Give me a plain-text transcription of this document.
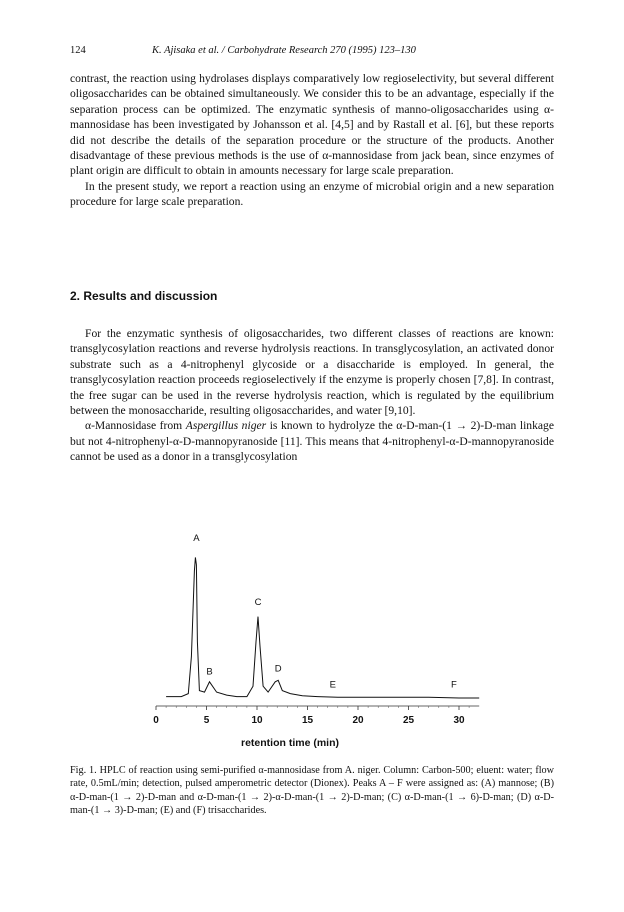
124	K. Ajisaka et al. / Carbohydrate Research 270 (1995) 123–130

contrast, the reaction using hydrolases displays comparatively low regioselectivity, but several different oligosaccharides can be obtained simultaneously. We consider this to be an advantage, especially if the separation process can be optimized. The enzymatic synthesis of manno-oligosaccharides using α-mannosidase has been investigated by Johansson et al. [4,5] and by Rastall et al. [6], but these reports did not describe the details of the separation procedure or the structure of the products. Another disadvantage of these previous methods is the use of α-mannosidase from jack bean, since enzymes of plant origin are difficult to obtain in amounts necessary for large scale preparation.

In the present study, we report a reaction using an enzyme of microbial origin and a new separation procedure for large scale preparation.

2. Results and discussion

For the enzymatic synthesis of oligosaccharides, two different classes of reactions are known: transglycosylation reactions and reverse hydrolysis reactions. In transglycosylation, an activated donor substrate such as a 4-nitrophenyl glycoside or a disaccharide is employed. In general, the transglycosylation reaction proceeds regioselectively if the enzyme is properly chosen [7,8]. In contrast, the free sugar can be used in the reverse hydrolysis reaction, which is regulated by the equilibrium between the monosaccharide, resulting oligosaccharides, and water [9,10].

α-Mannosidase from Aspergillus niger is known to hydrolyze the α-D-man-(1 → 2)-D-man linkage but not 4-nitrophenyl-α-D-mannopyranoside [11]. This means that 4-nitrophenyl-α-D-mannopyranoside cannot be used as a donor in a transglycosylation

0	5	10	15	20	25	30
A
B
C
D
E	F
retention time (min)
Fig. 1. HPLC of reaction using semi-purified α-mannosidase from A. niger. Column: Carbon-500; eluent: water; flow rate, 0.5mL/min; detection, pulsed amperometric detector (Dionex). Peaks A – F were assigned as: (A) mannose; (B) α-D-man-(1 → 2)-D-man and α-D-man-(1 → 2)-α-D-man-(1 → 2)-D-man; (C) α-D-man-(1 → 6)-D-man; (D) α-D-man-(1 → 3)-D-man; (E) and (F) trisaccharides.
